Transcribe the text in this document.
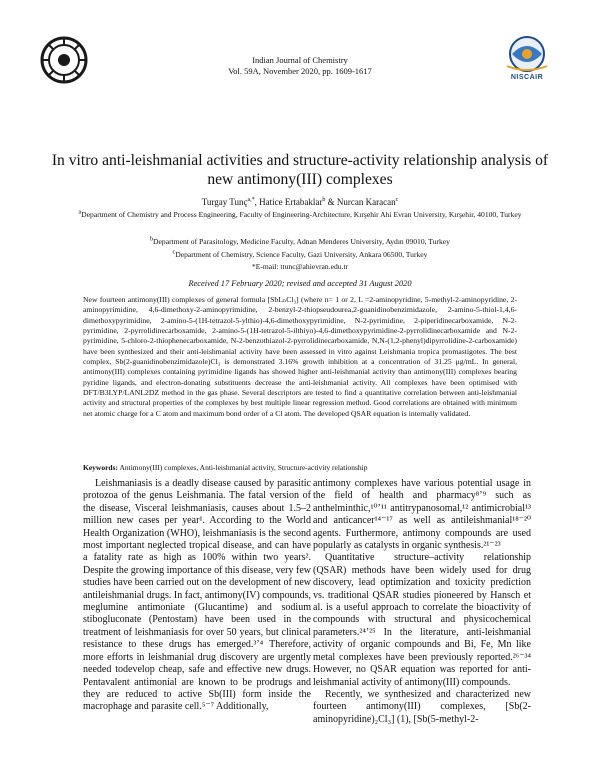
NISCAIR
Indian Journal of Chemistry
Vol. 59A, November 2020, pp. 1609-1617
In vitro anti-leishmanial activities and structure-activity relationship analysis of new antimony(III) complexes
Turgay Tunç$^{a,*}$, Hatice Ertabaklar$^b$ & Nurcan Karacan$^c$
$^a$Department of Chemistry and Process Engineering, Faculty of Engineering-Architecture, Kırşehir Ahi Evran University, Kırşehir, 40100, Turkey
$^b$Department of Parasitology, Medicine Faculty, Adnan Menderes University, Aydın 09010, Turkey
$^c$Department of Chemistry, Science Faculty, Gazi University, Ankara 06500, Turkey
*E-mail: ttunc@ahievran.edu.tr
Received 17 February 2020; revised and accepted 31 August 2020
New fourteen antimony(III) complexes of general formula [SbLₙCl₃] (where n= 1 or 2, L =2-aminopyridine, 5-methyl-2-aminopyridine, 2-aminopyrimidine, 4,6-dimethoxy-2-aminopyrimidine, 2-benzyl-2-thiopseudourea,2-guanidinobenzimidazole, 2-amino-5-thiol-1,4,6-dimethoxypyrimidine, 2-amino-5-(1H-tetrazol-5-ylthio)-4,6-dimethoxypyrimidine, N-2-pyrimidine, 2-piperidinecarboxamide, N-2-pyrimidine, 2-pyrrolidinecarboxamide, 2-amino-5-(1H-tetrazol-5-ilthiyo)-4,6-dimethoxypyrimidine-2-pyrrolidinecarboxamide and N-2-pyrimidine, 5-chloro-2-thiophenecarboxamide, N-2-benzothiazol-2-pyrrolidinecarboxamide, N,N-(1,2-phenyl)dipyrrolidine-2-carboxamide) have been synthesized and their anti-leishmanial activity have been assessed in vitro against Leishmania tropica promastigotes. The best complex, Sb(2-guanidinobenzimidazole)Cl₃ is demonstrated 3.16% growth inhibition at a concentration of 31.25 μg/mL. In general, antimony(III) complexes containing pyrimidine ligands has showed higher anti-leishmanial activity than antimony(III) complexes bearing pyridine ligands, and electron-donating substituents decrease the anti-leishmanial activity. All complexes have been optimised with DFT/B3LYP/LANL2DZ method in the gas phase. Several descriptors are tested to find a quantitative correlation between anti-leishmanial activity and structural properties of the complexes by best multiple linear regression method. Good correlations are obtained with minimum net atomic charge for a C atom and maximum bond order of a Cl atom. The developed QSAR equation is internally validated.
Keywords: Antimony(III) complexes, Anti-leishmanial activity, Structure-activity relationship

Leishmaniasis is a deadly disease caused by parasitic protozoa of the genus Leishmania. The fatal version of the disease, Visceral leishmaniasis, causes about 1.5–2 million new cases per year¹. According to the World Health Organization (WHO), leishmaniasis is the second most important neglected tropical disease, and can have a fatality rate as high as 100% within two years². Despite the growing importance of this disease, very few studies have been carried out on the development of new antileishmanial drugs. In fact, antimony(IV) compounds, meglumine antimoniate (Glucantime) and sodium stibogluconate (Pentostam) have been used in the treatment of leishmaniasis for over 50 years, but clinical resistance to these drugs has emerged.³ʼ⁴ Therefore, more efforts in leishmanial drug discovery are urgently needed todevelop cheap, safe and effective new drugs. Pentavalent antimonial are known to be prodrugs and they are reduced to active Sb(III) form inside the macrophage and parasite cell.⁵⁻⁷ Additionally,

antimony complexes have various potential usage in the field of health and pharmacy⁸ʼ⁹ such as anthelminthic,¹⁰ʼ¹¹ antitrypanosomal,¹² antimicrobial¹³ and anticancer¹⁴⁻¹⁷ as well as antileishmanial¹⁸⁻²⁰ agents. Furthermore, antimony compounds are used popularly as catalysts in organic synthesis.²¹⁻²³

Quantitative structure–activity relationship (QSAR) methods have been widely used for drug discovery, lead optimization and toxicity prediction vs. traditional QSAR studies pioneered by Hansch et al. is a useful approach to correlate the bioactivity of compounds with structural and physicochemical parameters.²⁴ʼ²⁵ In the literature, anti-leishmanial activity of organic compounds and Bi, Fe, Mn like metal complexes have been previously reported.²⁶⁻³⁴ However, no QSAR equation was reported for anti-leishmanial activity of antimony(III) compounds.

Recently, we synthesized and characterized new fourteen antimony(III) complexes, [Sb(2-aminopyridine)₂Cl₃] (1), [Sb(5-methyl-2-
